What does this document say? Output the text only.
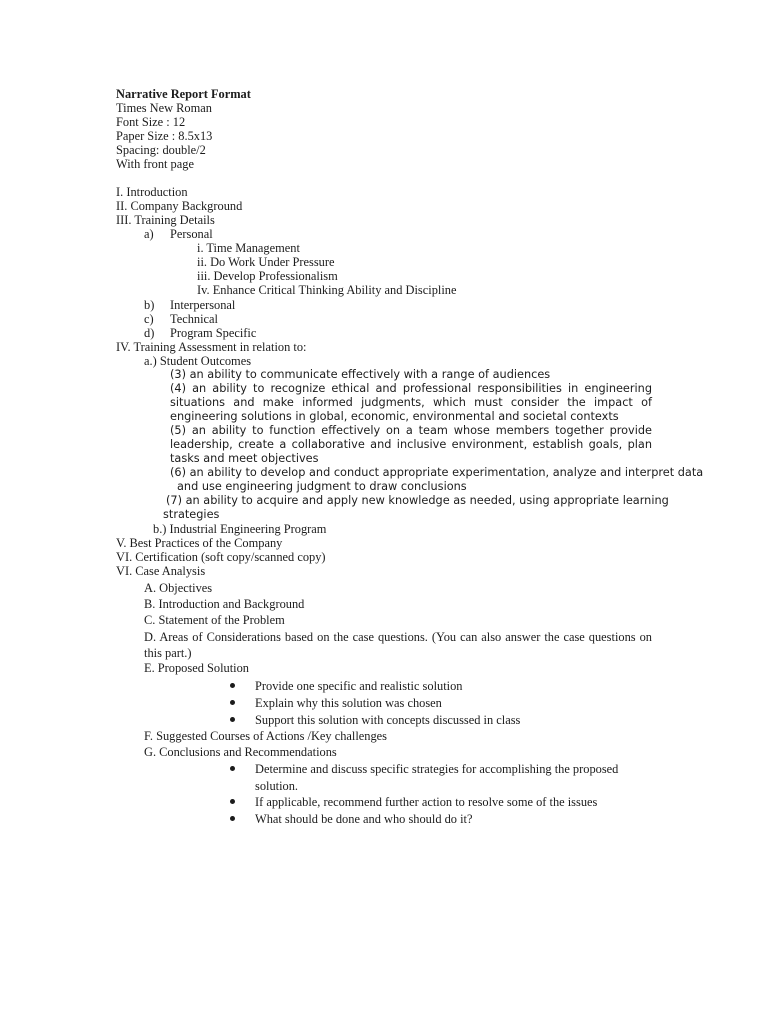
Narrative Report Format
Times New Roman
Font Size : 12
Paper Size : 8.5x13
Spacing: double/2
With front page
I. Introduction
II. Company Background
III. Training Details
a) Personal
i. Time Management
ii. Do Work Under Pressure
iii. Develop Professionalism
Iv. Enhance Critical Thinking Ability and Discipline
b) Interpersonal
c) Technical
d) Program Specific
IV. Training Assessment in relation to:
a.) Student Outcomes
(3) an ability to communicate effectively with a range of audiences
(4) an ability to recognize ethical and professional responsibilities in engineering situations and make informed judgments, which must consider the impact of engineering solutions in global, economic, environmental and societal contexts
(5) an ability to function effectively on a team whose members together provide leadership, create a collaborative and inclusive environment, establish goals, plan tasks and meet objectives
(6) an ability to develop and conduct appropriate experimentation, analyze and interpret data
and use engineering judgment to draw conclusions
(7) an ability to acquire and apply new knowledge as needed, using appropriate learning
strategies
b.) Industrial Engineering Program
V. Best Practices of the Company
VI. Certification (soft copy/scanned copy)
VI. Case Analysis
A. Objectives
B. Introduction and Background
C. Statement of the Problem
D. Areas of Considerations based on the case questions. (You can also answer the case questions on this part.)
E. Proposed Solution
Provide one specific and realistic solution
Explain why this solution was chosen
Support this solution with concepts discussed in class
F. Suggested Courses of Actions /Key challenges
G. Conclusions and Recommendations
Determine and discuss specific strategies for accomplishing the proposed solution.
If applicable, recommend further action to resolve some of the issues
What should be done and who should do it?
